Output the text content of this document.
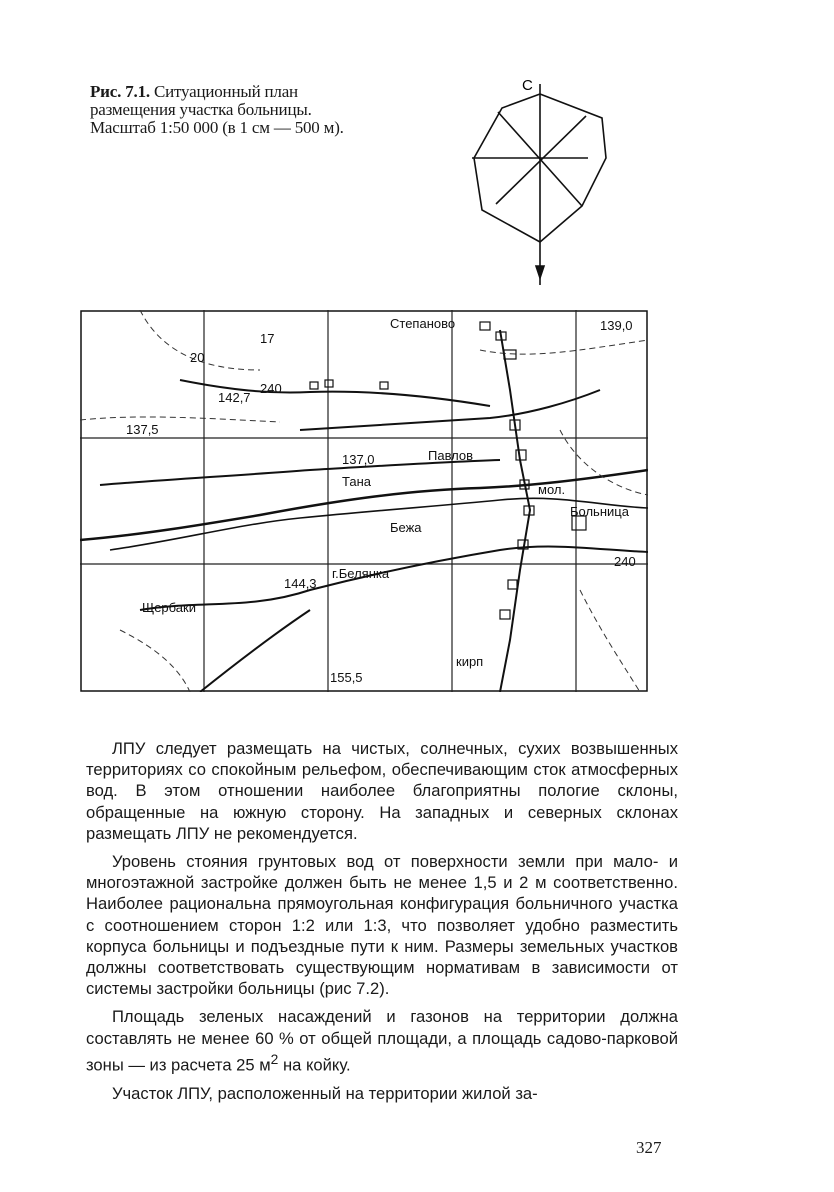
Рис. 7.1. Ситуационный план размещения участка больницы. Масштаб 1:50 000 (в 1 см — 500 м).
С
Степаново	139,0
17
20
240
142,7
137,5
137,0	Павлов
Тана
мол.
Больница
Бежа
240
144,3
г.Белянка
Щербаки
кирп
155,5

ЛПУ следует размещать на чистых, солнечных, сухих возвышенных территориях со спокойным рельефом, обеспечивающим сток атмосферных вод. В этом отношении наиболее благоприятны пологие склоны, обращенные на южную сторону. На западных и северных склонах размещать ЛПУ не рекомендуется.

Уровень стояния грунтовых вод от поверхности земли при мало- и многоэтажной застройке должен быть не менее 1,5 и 2 м соответственно. Наиболее рациональна прямоугольная конфигурация больничного участка с соотношением сторон 1:2 или 1:3, что позволяет удобно разместить корпуса больницы и подъездные пути к ним. Размеры земельных участков должны соответствовать существующим нормативам в зависимости от системы застройки больницы (рис 7.2).

Площадь зеленых насаждений и газонов на территории должна составлять не менее 60 % от общей площади, а площадь садово-парковой зоны — из расчета 25 $м^2$ на койку.

Участок ЛПУ, расположенный на территории жилой за-

327
